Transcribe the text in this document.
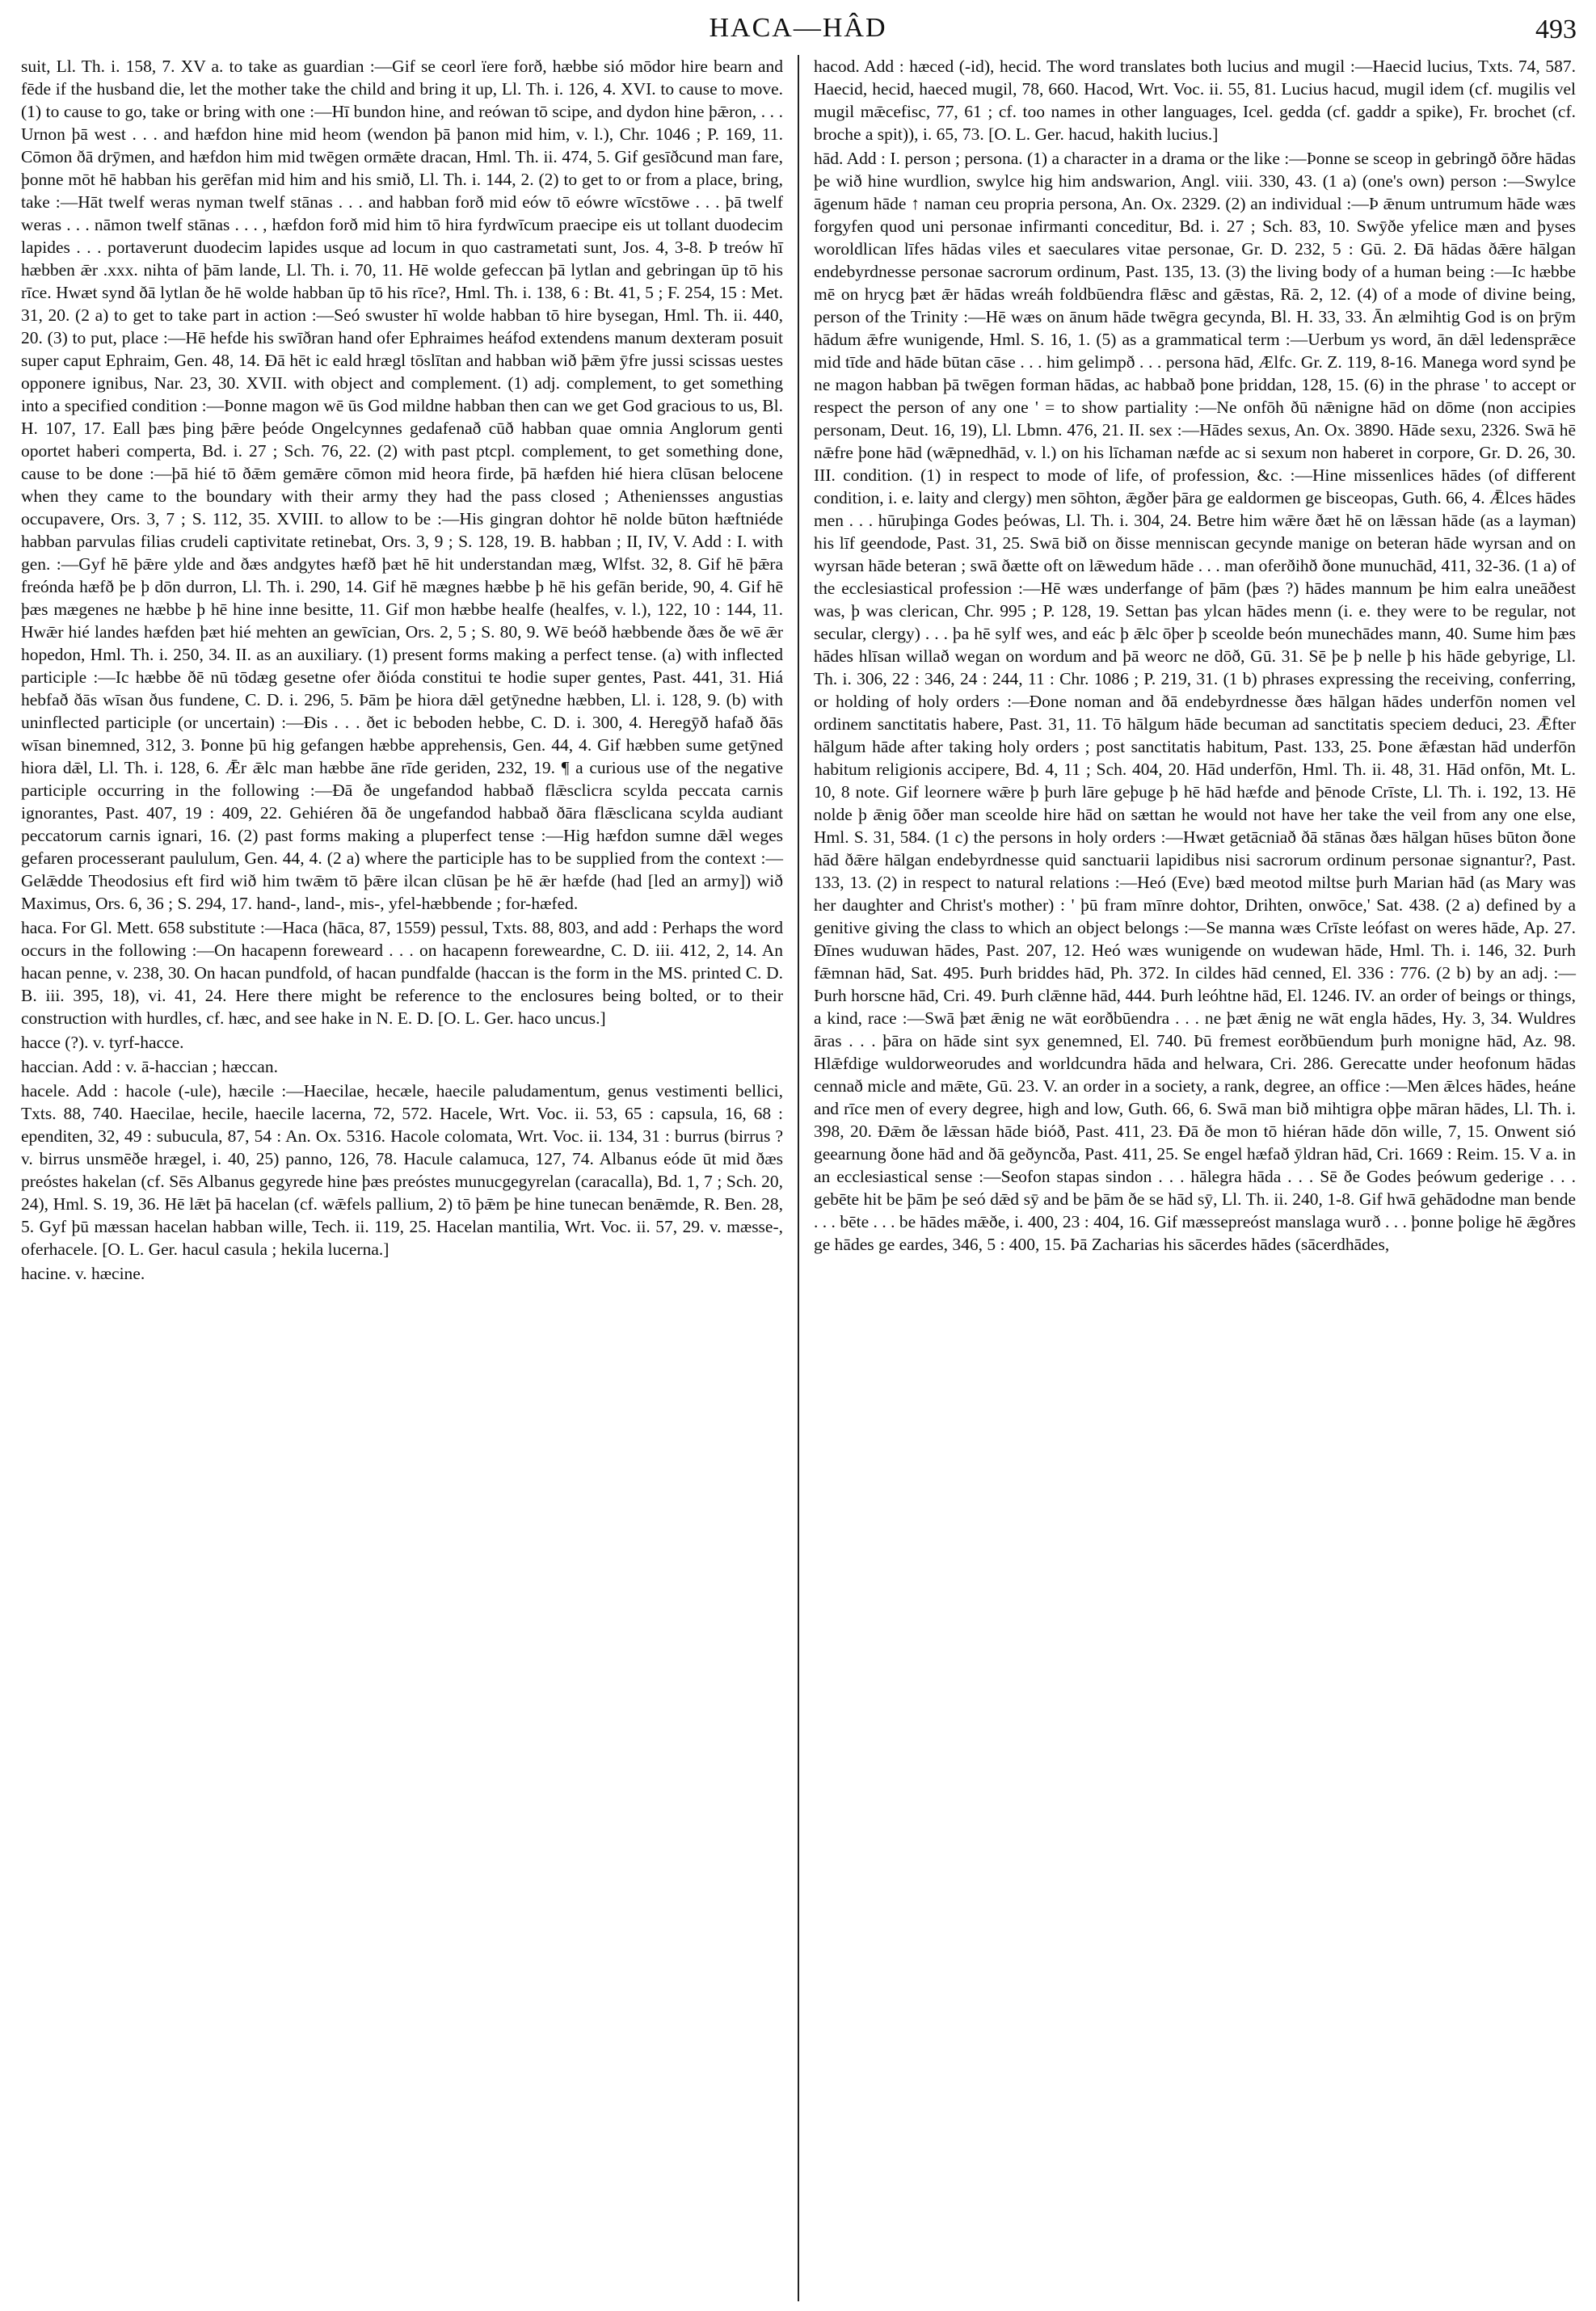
HACA—HÂD	493

suit, Ll. Th. i. 158, 7. XV a. to take as guardian :—Gif se ceorl ïere forð, hæbbe sió mōdor hire bearn and fēde if the husband die, let the mother take the child and bring it up, Ll. Th. i. 126, 4. XVI. to cause to move. (1) to cause to go, take or bring with one :—Hī bundon hine, and reówan tō scipe, and dydon hine þǣron, . . . Urnon þā west . . . and hæfdon hine mid heom (wendon þā þanon mid him, v. l.), Chr. 1046 ; P. 169, 11. Cōmon ðā drȳmen, and hæfdon him mid twēgen ormǣte dracan, Hml. Th. ii. 474, 5. Gif gesīðcund man fare, þonne mōt hē habban his gerēfan mid him and his smið, Ll. Th. i. 144, 2. (2) to get to or from a place, bring, take :—Hāt twelf weras nyman twelf stānas . . . and habban forð mid eów tō eówre wīcstōwe . . . þā twelf weras . . . nāmon twelf stānas . . . , hæfdon forð mid him tō hira fyrdwīcum praecipe eis ut tollant duodecim lapides . . . portaverunt duodecim lapides usque ad locum in quo castrametati sunt, Jos. 4, 3-8. Þ treów hī hæbben ǣr .xxx. nihta of þām lande, Ll. Th. i. 70, 11. Hē wolde gefeccan þā lytlan and gebringan ūp tō his rīce. Hwæt synd ðā lytlan ðe hē wolde habban ūp tō his rīce?, Hml. Th. i. 138, 6 : Bt. 41, 5 ; F. 254, 15 : Met. 31, 20. (2 a) to get to take part in action :—Seó swuster hī wolde habban tō hire bysegan, Hml. Th. ii. 440, 20. (3) to put, place :—Hē hefde his swīðran hand ofer Ephraimes heáfod extendens manum dexteram posuit super caput Ephraim, Gen. 48, 14. Ðā hēt ic eald hrægl tōslītan and habban wið þǣm ȳfre jussi scissas uestes opponere ignibus, Nar. 23, 30. XVII. with object and complement. (1) adj. complement, to get something into a specified condition :—Þonne magon wē ūs God mildne habban then can we get God gracious to us, Bl. H. 107, 17. Eall þæs þing þǣre þeóde Ongelcynnes gedafenað cūð habban quae omnia Anglorum genti oportet haberi comperta, Bd. i. 27 ; Sch. 76, 22. (2) with past ptcpl. complement, to get something done, cause to be done :—þā hié tō ðǣm gemǣre cōmon mid heora firde, þā hæfden hié hiera clūsan belocene when they came to the boundary with their army they had the pass closed ; Atheniensses angustias occupavere, Ors. 3, 7 ; S. 112, 35. XVIII. to allow to be :—His gingran dohtor hē nolde būton hæftniéde habban parvulas filias crudeli captivitate retinebat, Ors. 3, 9 ; S. 128, 19. B. habban ; II, IV, V. Add : I. with gen. :—Gyf hē þǣre ylde and ðæs andgytes hæfð þæt hē hit understandan mæg, Wlfst. 32, 8. Gif hē þǣra freónda hæfð þe þ dōn durron, Ll. Th. i. 290, 14. Gif hē mægnes hæbbe þ hē his gefān beride, 90, 4. Gif hē þæs mægenes ne hæbbe þ hē hine inne besitte, 11. Gif mon hæbbe healfe (healfes, v. l.), 122, 10 : 144, 11. Hwǣr hié landes hæfden þæt hié mehten an gewīcian, Ors. 2, 5 ; S. 80, 9. Wē beóð hæbbende ðæs ðe wē ǣr hopedon, Hml. Th. i. 250, 34. II. as an auxiliary. (1) present forms making a perfect tense. (a) with inflected participle :—Ic hæbbe ðē nū tōdæg gesetne ofer ðióda constitui te hodie super gentes, Past. 441, 31. Hiá hebfað ðās wīsan ðus fundene, C. D. i. 296, 5. Þām þe hiora dǣl getȳnedne hæbben, Ll. i. 128, 9. (b) with uninflected participle (or uncertain) :—Ðis . . . ðet ic beboden hebbe, C. D. i. 300, 4. Heregȳð hafað ðās wīsan binemned, 312, 3. Þonne þū hig gefangen hæbbe apprehensis, Gen. 44, 4. Gif hæbben sume getȳned hiora dǣl, Ll. Th. i. 128, 6. Ǣr ǣlc man hæbbe āne rīde geriden, 232, 19. ¶ a curious use of the negative participle occurring in the following :—Ðā ðe ungefandod habbað flǣsclicra scylda peccata carnis ignorantes, Past. 407, 19 : 409, 22. Gehiéren ðā ðe ungefandod habbað ðāra flǣsclicana scylda audiant peccatorum carnis ignari, 16. (2) past forms making a pluperfect tense :—Hig hæfdon sumne dǣl weges gefaren processerant paululum, Gen. 44, 4. (2 a) where the participle has to be supplied from the context :—Gelǣdde Theodosius eft fird wið him twǣm tō þǣre ilcan clūsan þe hē ǣr hæfde (had [led an army]) wið Maximus, Ors. 6, 36 ; S. 294, 17. hand-, land-, mis-, yfel-hæbbende ; for-hæfed.

haca. For Gl. Mett. 658 substitute :—Haca (hāca, 87, 1559) pessul, Txts. 88, 803, and add : Perhaps the word occurs in the following :—On hacapenn foreweard . . . on hacapenn foreweardne, C. D. iii. 412, 2, 14. An hacan penne, v. 238, 30. On hacan pundfold, of hacan pundfalde (haccan is the form in the MS. printed C. D. B. iii. 395, 18), vi. 41, 24. Here there might be reference to the enclosures being bolted, or to their construction with hurdles, cf. hæc, and see hake in N. E. D. [O. L. Ger. haco uncus.]

hacce (?). v. tyrf-hacce.

haccian. Add : v. ā-haccian ; hæccan.

hacele. Add : hacole (-ule), hæcile :—Haecilae, hecæle, haecile paludamentum, genus vestimenti bellici, Txts. 88, 740. Haecilae, hecile, haecile lacerna, 72, 572. Hacele, Wrt. Voc. ii. 53, 65 : capsula, 16, 68 : ependiten, 32, 49 : subucula, 87, 54 : An. Ox. 5316. Hacole colomata, Wrt. Voc. ii. 134, 31 : burrus (birrus ? v. birrus unsmēðe hrægel, i. 40, 25) panno, 126, 78. Hacule calamuca, 127, 74. Albanus eóde ūt mid ðæs preóstes hakelan (cf. Sēs Albanus gegyrede hine þæs preóstes munucgegyrelan (caracalla), Bd. 1, 7 ; Sch. 20, 24), Hml. S. 19, 36. Hē lǣt þā hacelan (cf. wǣfels pallium, 2) tō þǣm þe hine tunecan benǣmde, R. Ben. 28, 5. Gyf þū mæssan hacelan habban wille, Tech. ii. 119, 25. Hacelan mantilia, Wrt. Voc. ii. 57, 29. v. mæsse-, oferhacele. [O. L. Ger. hacul casula ; hekila lucerna.]

hacine. v. hæcine.

hacod. Add : hæced (-id), hecid. The word translates both lucius and mugil :—Haecid lucius, Txts. 74, 587. Haecid, hecid, haeced mugil, 78, 660. Hacod, Wrt. Voc. ii. 55, 81. Lucius hacud, mugil idem (cf. mugilis vel mugil mǣcefisc, 77, 61 ; cf. too names in other languages, Icel. gedda (cf. gaddr a spike), Fr. brochet (cf. broche a spit)), i. 65, 73. [O. L. Ger. hacud, hakith lucius.]

hād. Add : I. person ; persona. (1) a character in a drama or the like :—Þonne se sceop in gebringð ōðre hādas þe wið hine wurdlion, swylce hig him andswarion, Angl. viii. 330, 43. (1 a) (one's own) person :—Swylce āgenum hāde ↑ naman ceu propria persona, An. Ox. 2329. (2) an individual :—Þ ǣnum untrumum hāde wæs forgyfen quod uni personae infirmanti conceditur, Bd. i. 27 ; Sch. 83, 10. Swȳðe yfelice mæn and þyses woroldlican līfes hādas viles et saeculares vitae personae, Gr. D. 232, 5 : Gū. 2. Ðā hādas ðǣre hālgan endebyrdnesse personae sacrorum ordinum, Past. 135, 13. (3) the living body of a human being :—Ic hæbbe mē on hrycg þæt ǣr hādas wreáh foldbūendra flǣsc and gǣstas, Rā. 2, 12. (4) of a mode of divine being, person of the Trinity :—Hē wæs on ānum hāde twēgra gecynda, Bl. H. 33, 33. Ān ælmihtig God is on þrȳm hādum ǣfre wunigende, Hml. S. 16, 1. (5) as a grammatical term :—Uerbum ys word, ān dǣl ledensprǣce mid tīde and hāde būtan cāse . . . him gelimpð . . . persona hād, Ælfc. Gr. Z. 119, 8-16. Manega word synd þe ne magon habban þā twēgen forman hādas, ac habbað þone þriddan, 128, 15. (6) in the phrase ' to accept or respect the person of any one ' = to show partiality :—Ne onfōh ðū nǣnigne hād on dōme (non accipies personam, Deut. 16, 19), Ll. Lbmn. 476, 21. II. sex :—Hādes sexus, An. Ox. 3890. Hāde sexu, 2326. Swā hē nǣfre þone hād (wǣpnedhād, v. l.) on his līchaman næfde ac si sexum non haberet in corpore, Gr. D. 26, 30. III. condition. (1) in respect to mode of life, of profession, &c. :—Hine missenlices hādes (of different condition, i. e. laity and clergy) men sōhton, ǣgðer þāra ge ealdormen ge bisceopas, Guth. 66, 4. Ǣlces hādes men . . . hūruþinga Godes þeówas, Ll. Th. i. 304, 24. Betre him wǣre ðæt hē on lǣssan hāde (as a layman) his līf geendode, Past. 31, 25. Swā bið on ðisse menniscan gecynde manige on beteran hāde wyrsan and on wyrsan hāde beteran ; swā ðætte oft on lǣwedum hāde . . . man oferðihð ðone munuchād, 411, 32-36. (1 a) of the ecclesiastical profession :—Hē wæs underfange of þām (þæs ?) hādes mannum þe him ealra uneāðest was, þ was clerican, Chr. 995 ; P. 128, 19. Settan þas ylcan hādes menn (i. e. they were to be regular, not secular, clergy) . . . þa hē sylf wes, and eác þ ǣlc ōþer þ sceolde beón munechādes mann, 40. Sume him þæs hādes hlīsan willað wegan on wordum and þā weorc ne dōð, Gū. 31. Sē þe þ nelle þ his hāde gebyrige, Ll. Th. i. 306, 22 : 346, 24 : 244, 11 : Chr. 1086 ; P. 219, 31. (1 b) phrases expressing the receiving, conferring, or holding of holy orders :—Ðone noman and ðā endebyrdnesse ðæs hālgan hādes underfōn nomen vel ordinem sanctitatis habere, Past. 31, 11. Tō hālgum hāde becuman ad sanctitatis speciem deduci, 23. Ǣfter hālgum hāde after taking holy orders ; post sanctitatis habitum, Past. 133, 25. Þone ǣfæstan hād underfōn habitum religionis accipere, Bd. 4, 11 ; Sch. 404, 20. Hād underfōn, Hml. Th. ii. 48, 31. Hād onfōn, Mt. L. 10, 8 note. Gif leornere wǣre þ þurh lāre geþuge þ hē hād hæfde and þēnode Crīste, Ll. Th. i. 192, 13. Hē nolde þ ǣnig ōðer man sceolde hire hād on sættan he would not have her take the veil from any one else, Hml. S. 31, 584. (1 c) the persons in holy orders :—Hwæt getācniað ðā stānas ðæs hālgan hūses būton ðone hād ðǣre hālgan endebyrdnesse quid sanctuarii lapidibus nisi sacrorum ordinum personae signantur?, Past. 133, 13. (2) in respect to natural relations :—Heó (Eve) bæd meotod miltse þurh Marian hād (as Mary was her daughter and Christ's mother) : ' þū fram mīnre dohtor, Drihten, onwōce,' Sat. 438. (2 a) defined by a genitive giving the class to which an object belongs :—Se manna wæs Crīste leófast on weres hāde, Ap. 27. Ðīnes wuduwan hādes, Past. 207, 12. Heó wæs wunigende on wudewan hāde, Hml. Th. i. 146, 32. Þurh fǣmnan hād, Sat. 495. Þurh briddes hād, Ph. 372. In cildes hād cenned, El. 336 : 776. (2 b) by an adj. :—Þurh horscne hād, Cri. 49. Þurh clǣnne hād, 444. Þurh leóhtne hād, El. 1246. IV. an order of beings or things, a kind, race :—Swā þæt ǣnig ne wāt eorðbūendra . . . ne þæt ǣnig ne wāt engla hādes, Hy. 3, 34. Wuldres āras . . . þāra on hāde sint syx genemned, El. 740. Þū fremest eorðbūendum þurh monigne hād, Az. 98. Hlǣfdige wuldorweorudes and worldcundra hāda and helwara, Cri. 286. Gerecatte under heofonum hādas cennað micle and mǣte, Gū. 23. V. an order in a society, a rank, degree, an office :—Men ǣlces hādes, heáne and rīce men of every degree, high and low, Guth. 66, 6. Swā man bið mihtigra oþþe māran hādes, Ll. Th. i. 398, 20. Ðǣm ðe lǣssan hāde bióð, Past. 411, 23. Ðā ðe mon tō hiéran hāde dōn wille, 7, 15. Onwent sió geearnung ðone hād and ðā geðyncða, Past. 411, 25. Se engel hæfað ȳldran hād, Cri. 1669 : Reim. 15. V a. in an ecclesiastical sense :—Seofon stapas sindon . . . hālegra hāda . . . Sē ðe Godes þeówum gederige . . . gebēte hit be þām þe seó dǣd sȳ and be þām ðe se hād sȳ, Ll. Th. ii. 240, 1-8. Gif hwā gehādodne man bende . . . bēte . . . be hādes mǣðe, i. 400, 23 : 404, 16. Gif mæssepreóst manslaga wurð . . . þonne þolige hē ǣgðres ge hādes ge eardes, 346, 5 : 400, 15. Þā Zacharias his sācerdes hādes (sācerdhādes,
